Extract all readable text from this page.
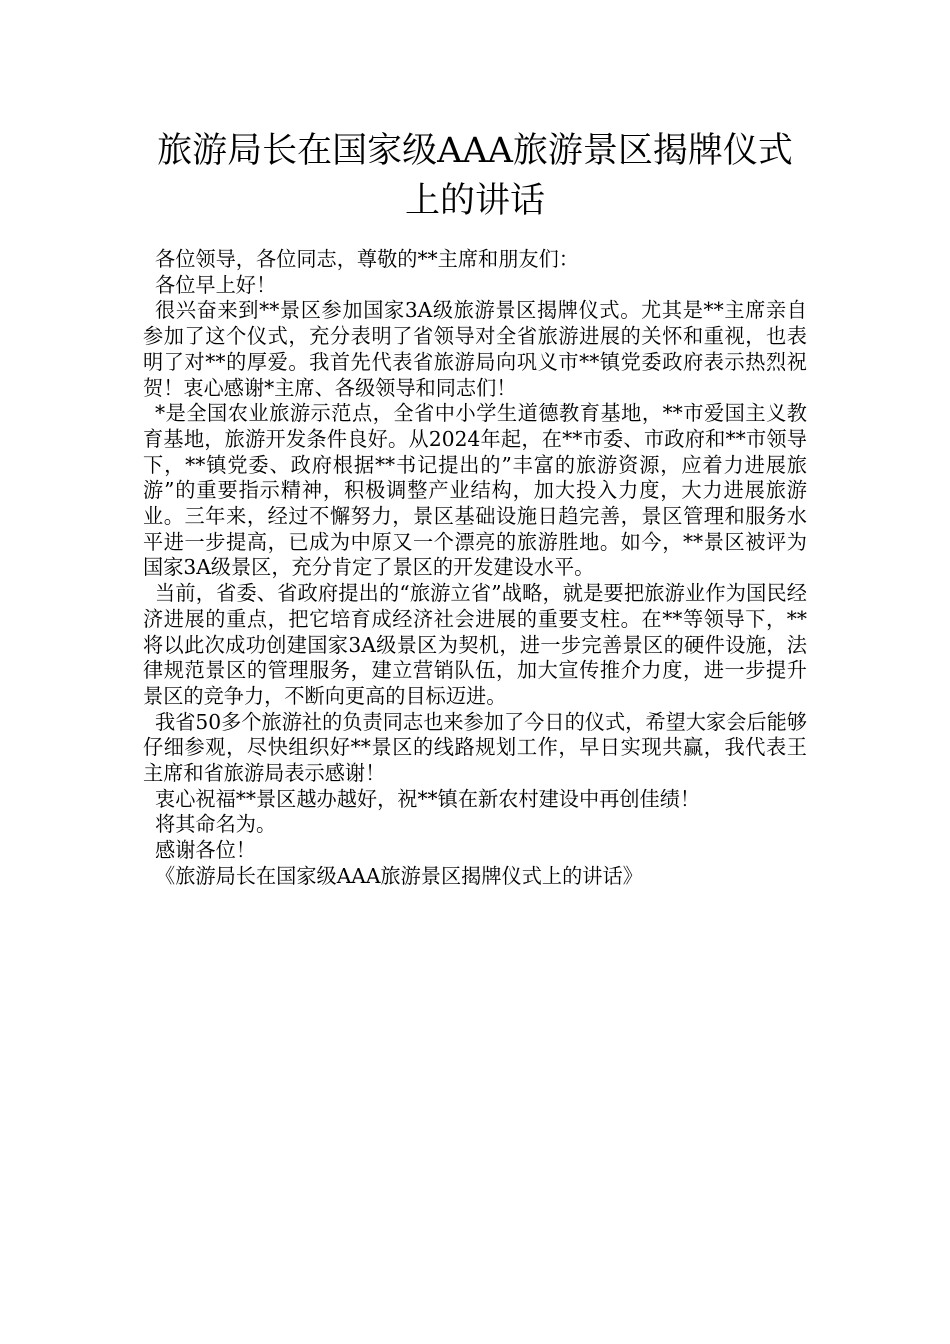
旅游局长在国家级AAA旅游景区揭牌仪式
上的讲话

各位领导，各位同志，尊敬的**主席和朋友们：

各位早上好！

很兴奋来到**景区参加国家3A级旅游景区揭牌仪式。尤其是**主席亲自参加了这个仪式，充分表明了省领导对全省旅游进展的关怀和重视，也表明了对**的厚爱。我首先代表省旅游局向巩义市**镇党委政府表示热烈祝贺！衷心感谢*主席、各级领导和同志们！

*是全国农业旅游示范点，全省中小学生道德教育基地，**市爱国主义教育基地，旅游开发条件良好。从2024年起，在**市委、市政府和**市领导下，**镇党委、政府根据**书记提出的”丰富的旅游资源，应着力进展旅游”的重要指示精神，积极调整产业结构，加大投入力度，大力进展旅游业。三年来，经过不懈努力，景区基础设施日趋完善，景区管理和服务水平进一步提高，已成为中原又一个漂亮的旅游胜地。如今，**景区被评为国家3A级景区，充分肯定了景区的开发建设水平。

当前，省委、省政府提出的“旅游立省”战略，就是要把旅游业作为国民经济进展的重点，把它培育成经济社会进展的重要支柱。在**等领导下，**将以此次成功创建国家3A级景区为契机，进一步完善景区的硬件设施，法律规范景区的管理服务，建立营销队伍，加大宣传推介力度，进一步提升景区的竞争力，不断向更高的目标迈进。

我省50多个旅游社的负责同志也来参加了今日的仪式，希望大家会后能够仔细参观，尽快组织好**景区的线路规划工作，早日实现共赢，我代表王主席和省旅游局表示感谢！

衷心祝福**景区越办越好，祝**镇在新农村建设中再创佳绩！

将其命名为。

感谢各位！

《旅游局长在国家级AAA旅游景区揭牌仪式上的讲话》
